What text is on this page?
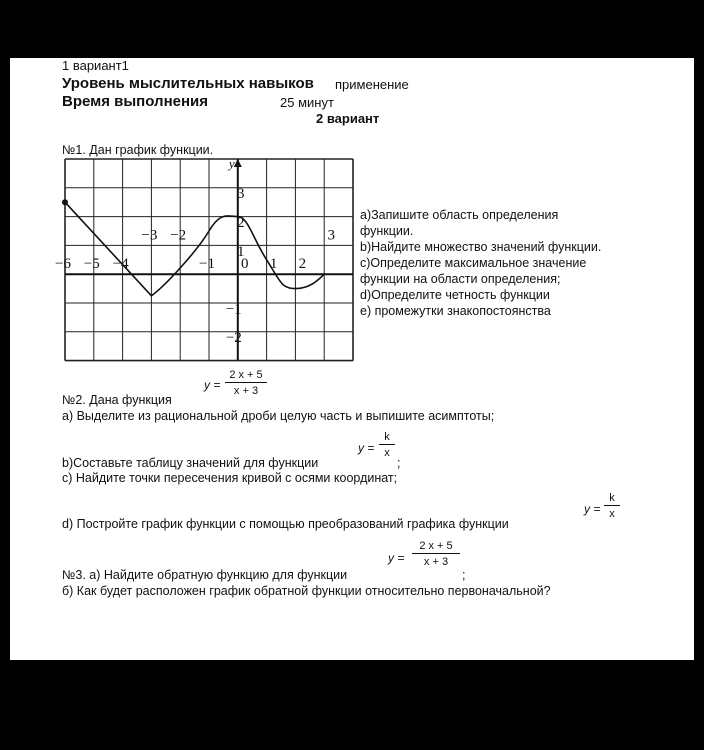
1 вариант1
Уровень мыслительных навыков применение
Время выполнения	25 минут
2 вариант
№1. Дан график функции.
−6 −5 −4
−3 −2
−1 0 1 2
3
3
2
1
−1
−2
y
a)Запишите область определения
функции.
b)Найдите множество значений функции.
c)Определите максимальное значение
функции на области определения;
d)Определите четность функции
e) промежутки знакопостоянства
$y = \frac{2 x + 5}{x + 3}$
№2. Дана функция
а) Выделите из рациональной дроби целую часть и выпишите асимптоты;
$y = \frac{k}{x}$
b)Составьте таблицу значений для функции	;
с) Найдите точки пересечения кривой с осями координат;
$y = \frac{k}{x}$
d) Постройте график функции с помощью преобразований графика функции
$y = \frac{2 x + 5}{x + 3}$
№3. а) Найдите обратную функцию для функции	;
б) Как будет расположен график обратной функции относительно первоначальной?
